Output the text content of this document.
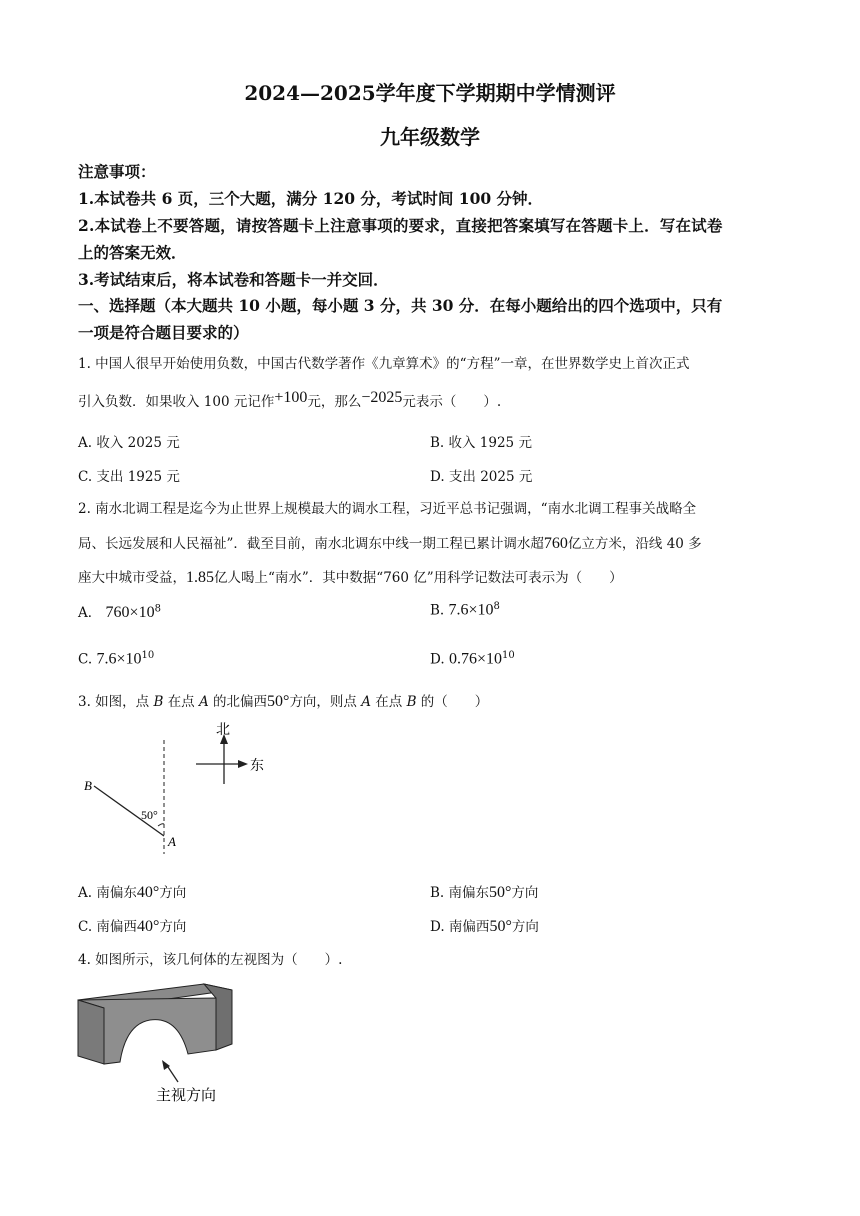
2024—2025学年度下学期期中学情测评
九年级数学
注意事项：
1.本试卷共 6 页，三个大题，满分 120 分，考试时间 100 分钟．
2.本试卷上不要答题，请按答题卡上注意事项的要求，直接把答案填写在答题卡上．写在试卷
上的答案无效．
3.考试结束后，将本试卷和答题卡一并交回．
一、选择题（本大题共 10 小题，每小题 3 分，共 30 分．在每小题给出的四个选项中，只有
一项是符合题目要求的）
1. 中国人很早开始使用负数，中国古代数学著作《九章算术》的“方程”一章，在世界数学史上首次正式
引入负数．如果收入 100 元记作+100元，那么−2025元表示（　　）.
A. 收入 2025 元	B. 收入 1925 元
C. 支出 1925 元	D. 支出 2025 元
2. 南水北调工程是迄今为止世界上规模最大的调水工程，习近平总书记强调，“南水北调工程事关战略全
局、长远发展和人民福祉”．截至目前，南水北调东中线一期工程已累计调水超760亿立方米，沿线 40 多
座大中城市受益，1.85亿人喝上“南水”．其中数据“760 亿”用科学记数法可表示为（　　）
A． $760\times 10^8$	B. $7.6\times 10^8$
C. $7.6\times 10^{10}$	D. $0.76\times 10^{10}$
3. 如图，点 B 在点 A 的北偏西50°方向，则点 A 在点 B 的（　　）
北
东
B
A
50°
A. 南偏东40°方向	B. 南偏东50°方向
C. 南偏西40°方向	D. 南偏西50°方向
4. 如图所示，该几何体的左视图为（　　）.
主视方向
